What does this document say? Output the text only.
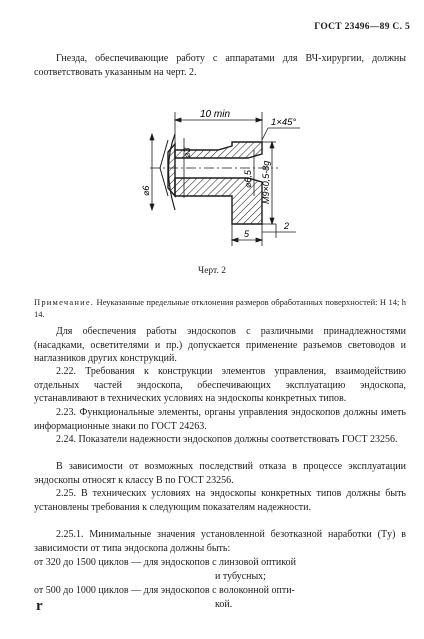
ГОСТ 23496—89 С. 5

Гнезда, обеспечивающие работу с аппаратами для ВЧ-хирургии, должны соответствовать указанным на черт. 2.

10 min
1×45°
⌀3
⌀6
⌀6,5 M9×0,5-8g
5
2
Черт. 2
Примечание. Неуказанные предельные отклонения размеров обработанных поверхностей: H 14; h 14.

Для обеспечения работы эндоскопов с различными принадлежностями (насадками, осветителями и пр.) допускается применение разъемов световодов и наглазников других конструкций.

2.22. Требования к конструкции элементов управления, взаимодействию отдельных частей эндоскопа, обеспечивающих эксплуатацию эндоскопа, устанавливают в технических условиях на эндоскопы конкретных типов.

2.23. Функциональные элементы, органы управления эндоскопов должны иметь информационные знаки по ГОСТ 24263.

2.24. Показатели надежности эндоскопов должны соответствовать ГОСТ 23256.

В зависимости от возможных последствий отказа в процессе эксплуатации эндоскопы относят к классу В по ГОСТ 23256.

2.25. В технических условиях на эндоскопы конкретных типов должны быть установлены требования к следующим показателям надежности.

2.25.1. Минимальные значения установленной безотказной наработки (Tу) в зависимости от типа эндоскопа должны быть:

от 320 до 1500 циклов — для эндоскопов с линзовой оптикой
и тубусных;
от 500 до 1000 циклов — для эндоскопов с волоконной опти-
кой.
r
